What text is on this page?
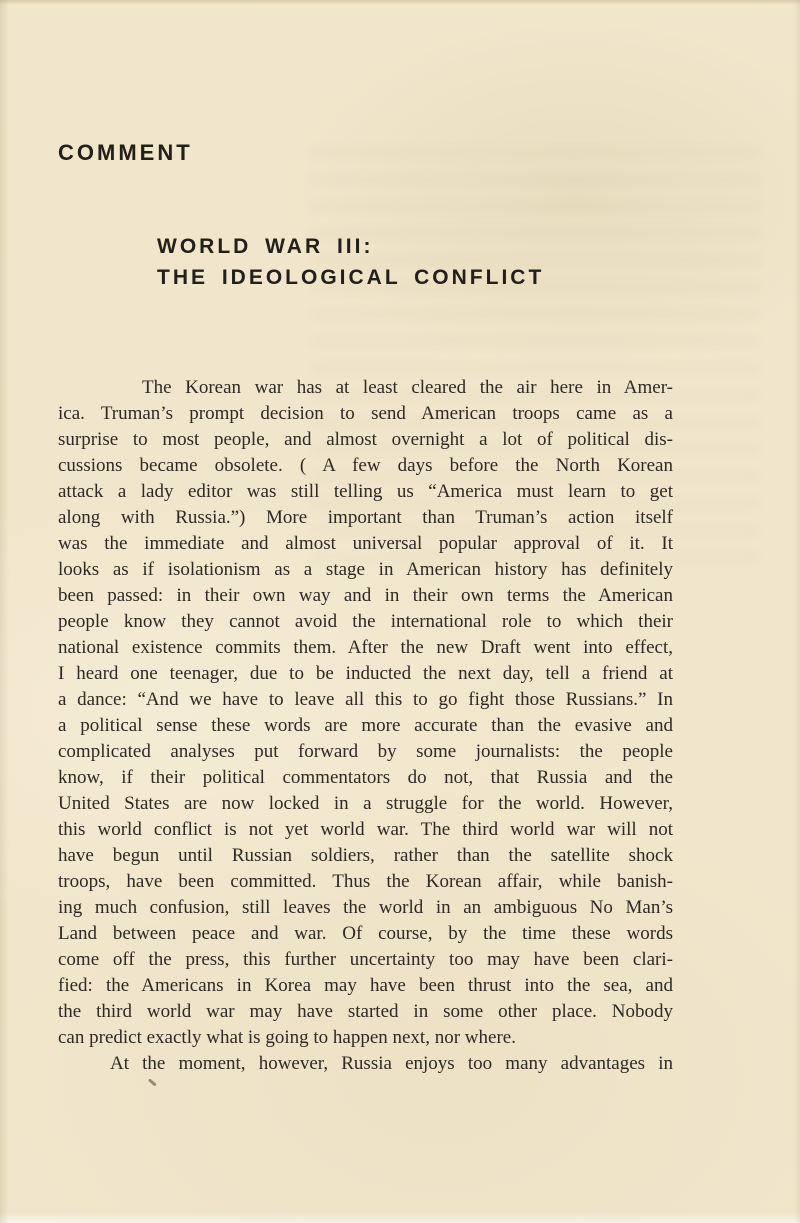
COMMENT
WORLD WAR III:
THE IDEOLOGICAL CONFLICT
The Korean war has at least cleared the air here in Amer-
ica. Truman’s prompt decision to send American troops came as a
surprise to most people, and almost overnight a lot of political dis-
cussions became obsolete. ( A few days before the North Korean
attack a lady editor was still telling us “America must learn to get
along with Russia.”) More important than Truman’s action itself
was the immediate and almost universal popular approval of it. It
looks as if isolationism as a stage in American history has definitely
been passed: in their own way and in their own terms the American
people know they cannot avoid the international role to which their
national existence commits them. After the new Draft went into effect,
I heard one teenager, due to be inducted the next day, tell a friend at
a dance: “And we have to leave all this to go fight those Russians.” In
a political sense these words are more accurate than the evasive and
complicated analyses put forward by some journalists: the people
know, if their political commentators do not, that Russia and the
United States are now locked in a struggle for the world. However,
this world conflict is not yet world war. The third world war will not
have begun until Russian soldiers, rather than the satellite shock
troops, have been committed. Thus the Korean affair, while banish-
ing much confusion, still leaves the world in an ambiguous No Man’s
Land between peace and war. Of course, by the time these words
come off the press, this further uncertainty too may have been clari-
fied: the Americans in Korea may have been thrust into the sea, and
the third world war may have started in some other place. Nobody
can predict exactly what is going to happen next, nor where.
At the moment, however, Russia enjoys too many advantages in
